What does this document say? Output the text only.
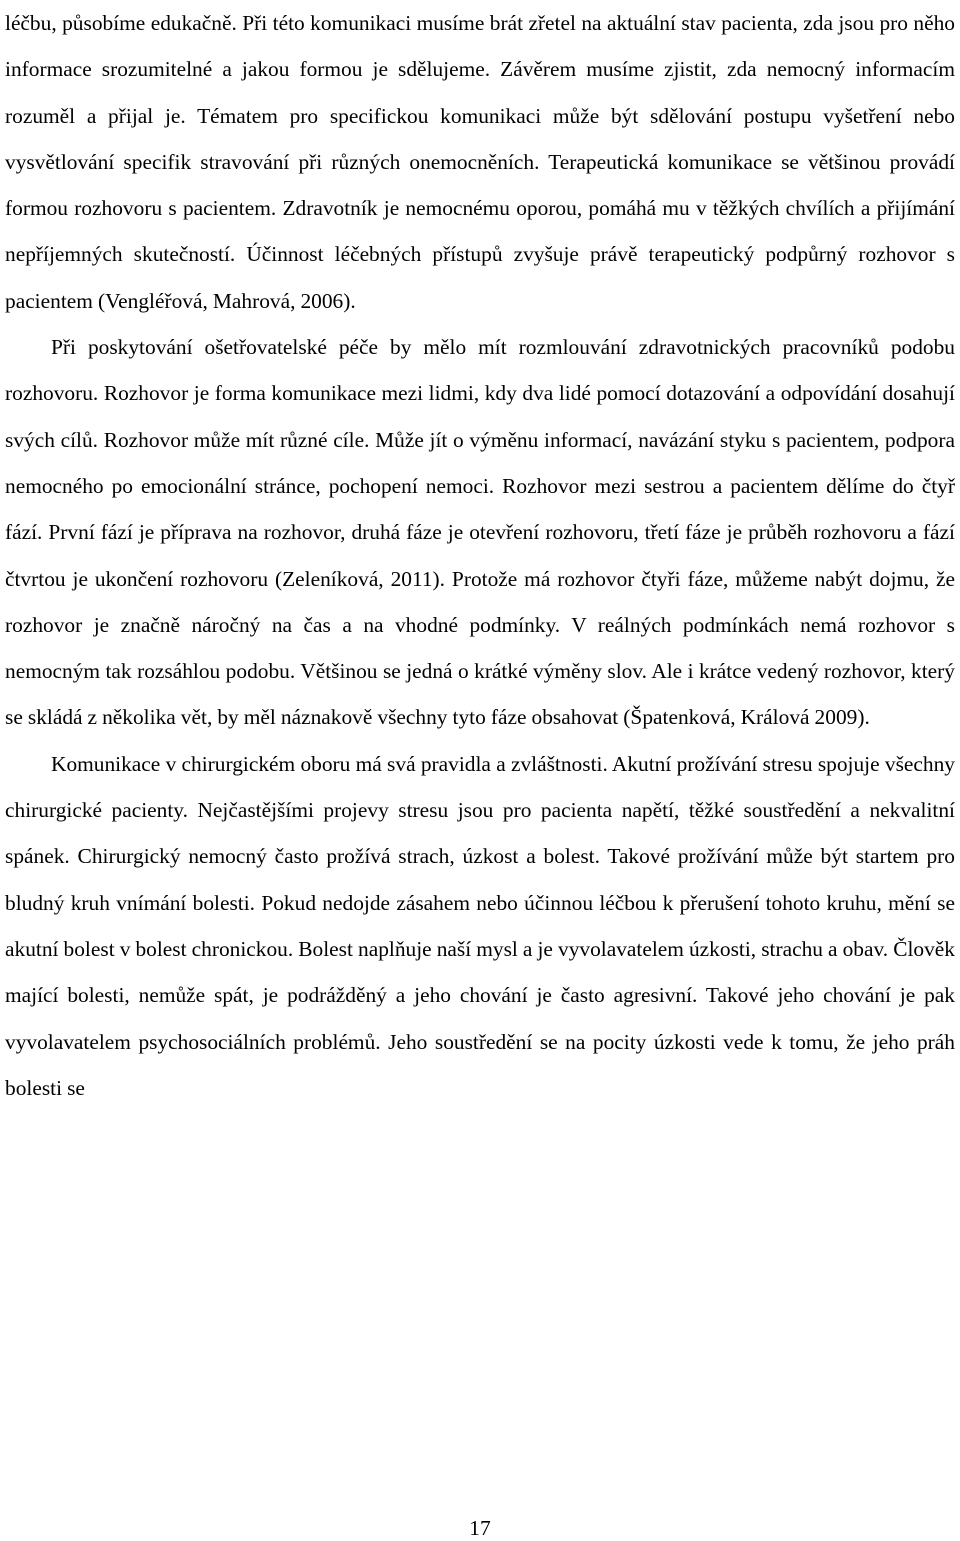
léčbu, působíme edukačně. Při této komunikaci musíme brát zřetel na aktuální stav pacienta, zda jsou pro něho informace srozumitelné a jakou formou je sdělujeme. Závěrem musíme zjistit, zda nemocný informacím rozuměl a přijal je. Tématem pro specifickou komunikaci může být sdělování postupu vyšetření nebo vysvětlování specifik stravování při různých onemocněních. Terapeutická komunikace se většinou provádí formou rozhovoru s pacientem. Zdravotník je nemocnému oporou, pomáhá mu v těžkých chvílích a přijímání nepříjemných skutečností. Účinnost léčebných přístupů zvyšuje právě terapeutický podpůrný rozhovor s pacientem (Vengléřová, Mahrová, 2006).

Při poskytování ošetřovatelské péče by mělo mít rozmlouvání zdravotnických pracovníků podobu rozhovoru. Rozhovor je forma komunikace mezi lidmi, kdy dva lidé pomocí dotazování a odpovídání dosahují svých cílů. Rozhovor může mít různé cíle. Může jít o výměnu informací, navázání styku s pacientem, podpora nemocného po emocionální stránce, pochopení nemoci. Rozhovor mezi sestrou a pacientem dělíme do čtyř fází. První fází je příprava na rozhovor, druhá fáze je otevření rozhovoru, třetí fáze je průběh rozhovoru a fází čtvrtou je ukončení rozhovoru (Zeleníková, 2011). Protože má rozhovor čtyři fáze, můžeme nabýt dojmu, že rozhovor je značně náročný na čas a na vhodné podmínky. V reálných podmínkách nemá rozhovor s nemocným tak rozsáhlou podobu. Většinou se jedná o krátké výměny slov. Ale i krátce vedený rozhovor, který se skládá z několika vět, by měl náznakově všechny tyto fáze obsahovat (Špatenková, Králová 2009).

Komunikace v chirurgickém oboru má svá pravidla a zvláštnosti. Akutní prožívání stresu spojuje všechny chirurgické pacienty. Nejčastějšími projevy stresu jsou pro pacienta napětí, těžké soustředění a nekvalitní spánek. Chirurgický nemocný často prožívá strach, úzkost a bolest. Takové prožívání může být startem pro bludný kruh vnímání bolesti. Pokud nedojde zásahem nebo účinnou léčbou k přerušení tohoto kruhu, mění se akutní bolest v bolest chronickou. Bolest naplňuje naší mysl a je vyvolavatelem úzkosti, strachu a obav. Člověk mající bolesti, nemůže spát, je podrážděný a jeho chování je často agresivní. Takové jeho chování je pak vyvolavatelem psychosociálních problémů. Jeho soustředění se na pocity úzkosti vede k tomu, že jeho práh bolesti se

17
